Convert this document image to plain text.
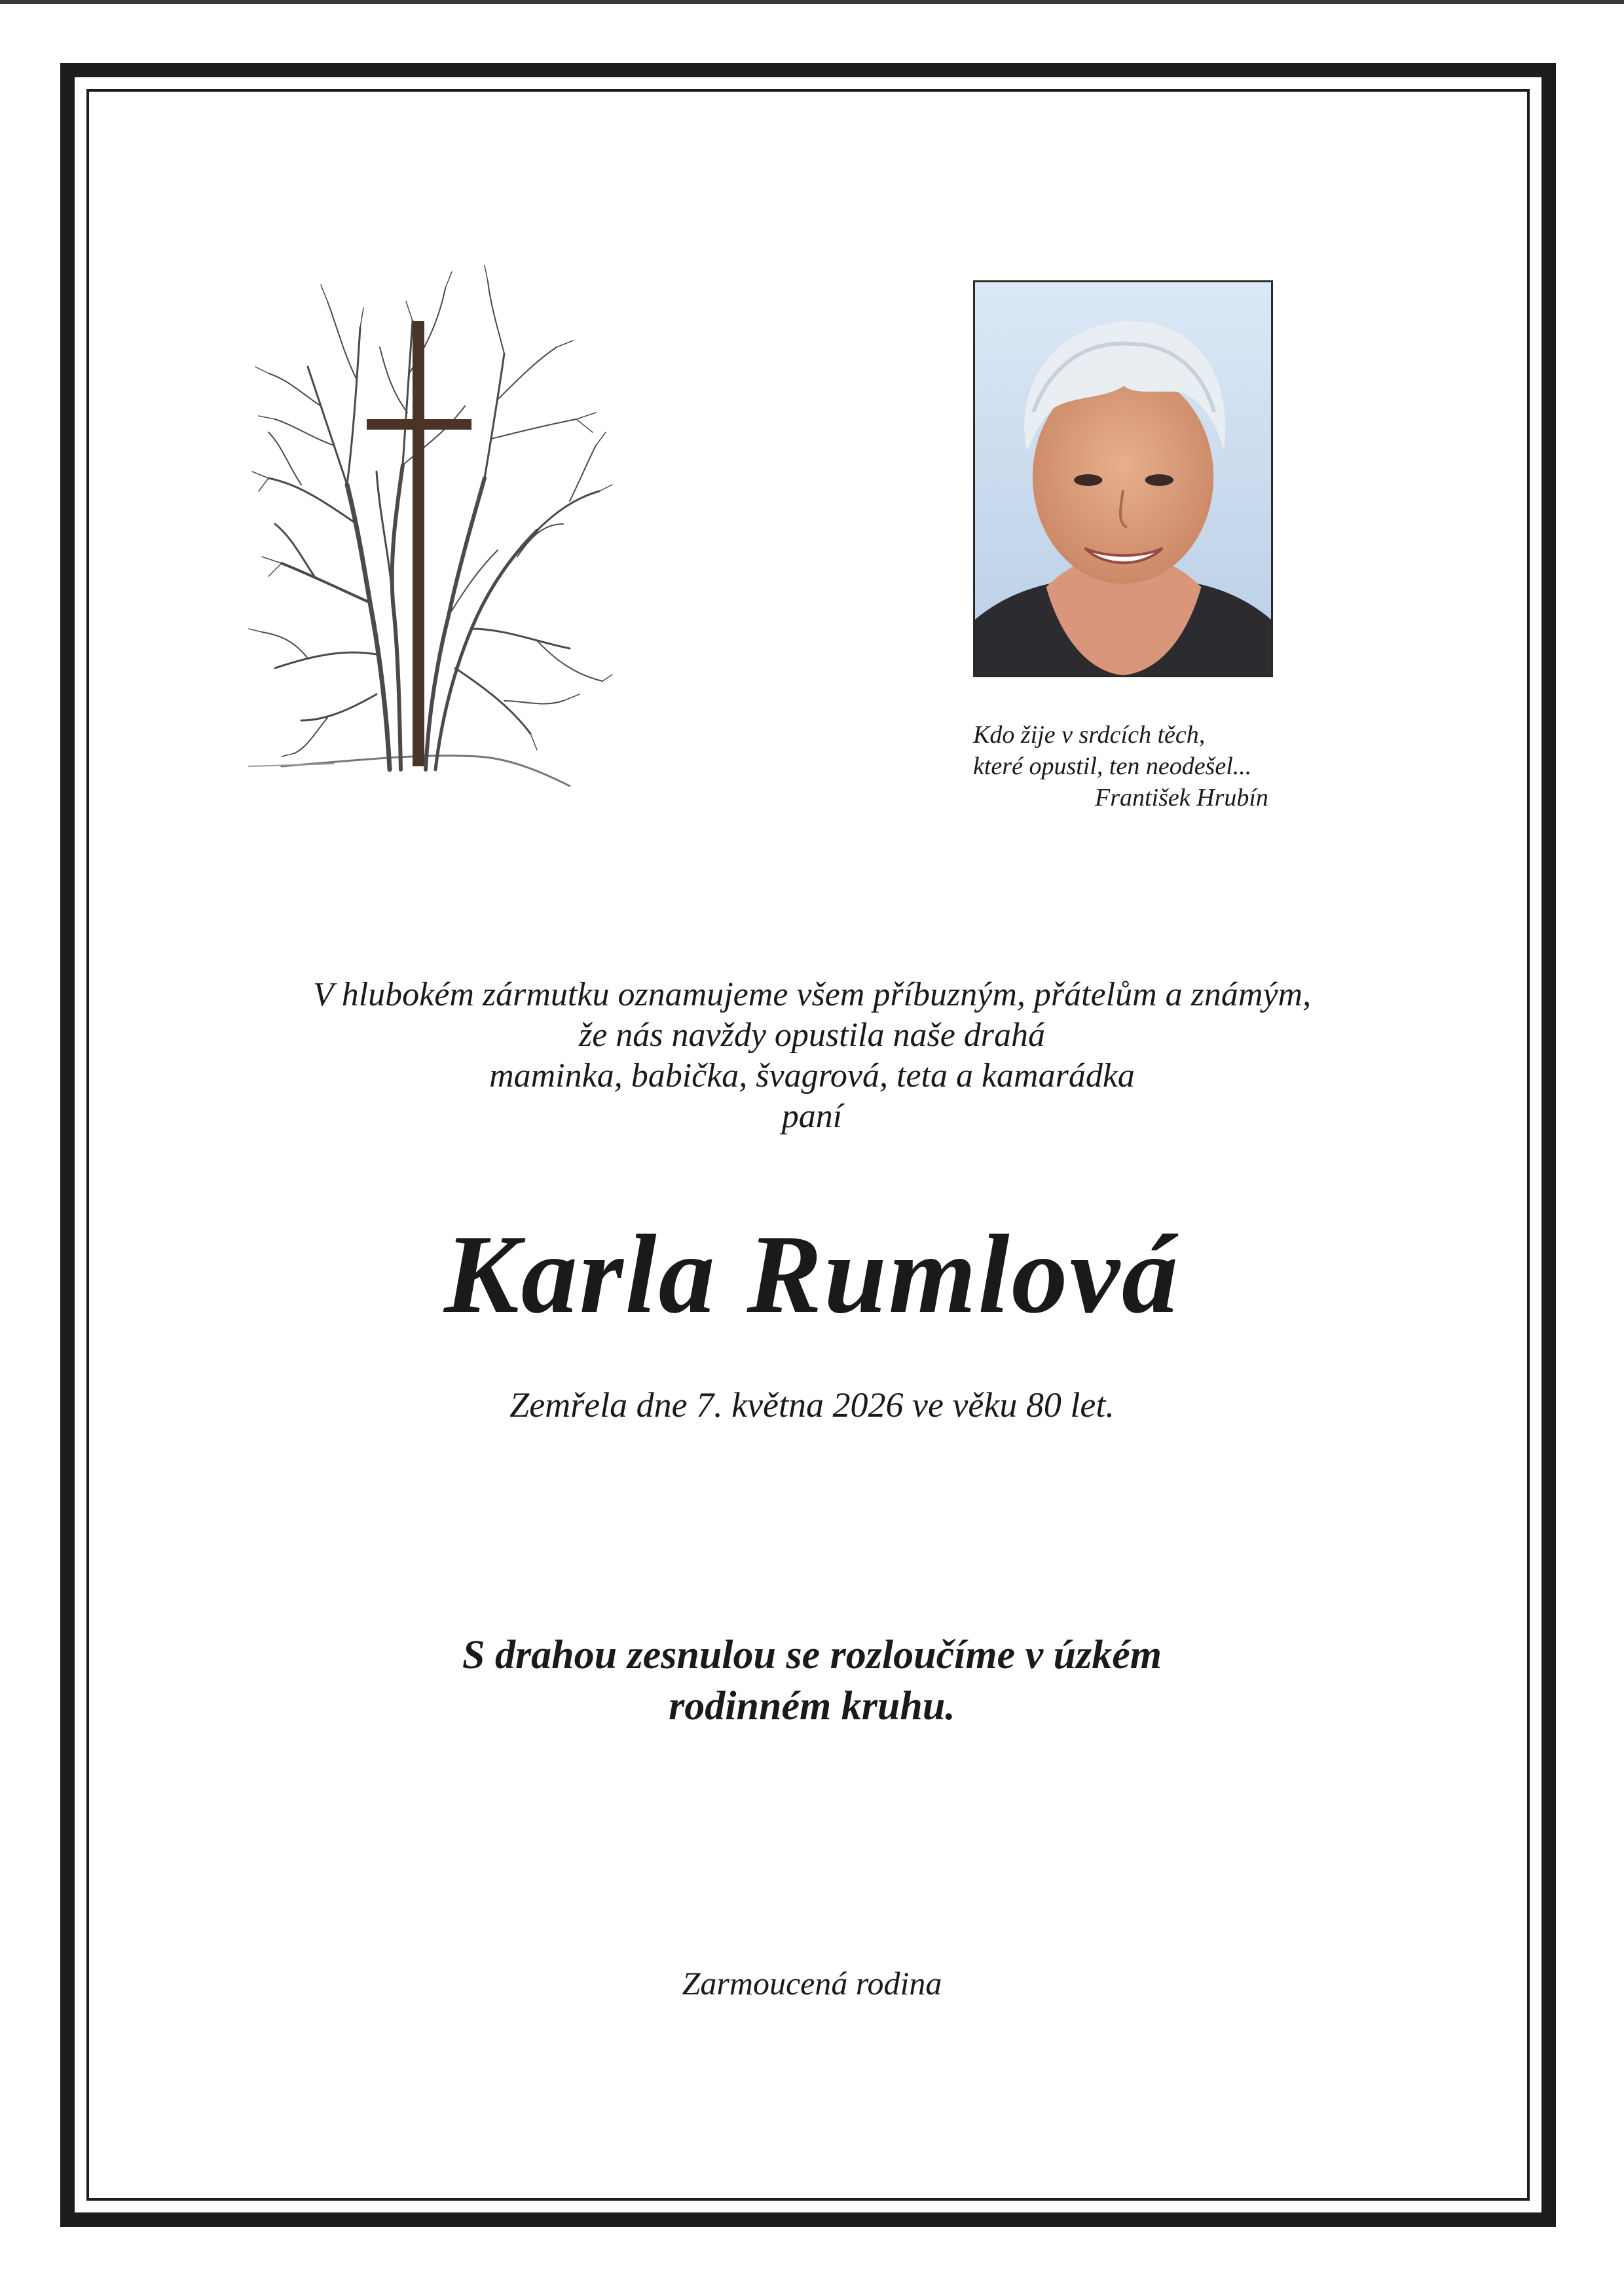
Kdo žije v srdcích těch,
které opustil, ten neodešel...
František Hrubín
V hlubokém zármutku oznamujeme všem příbuzným, přátelům a známým,
že nás navždy opustila naše drahá
maminka, babička, švagrová, teta a kamarádka
paní
Karla Rumlová
Zemřela dne 7. května 2026 ve věku 80 let.
S drahou zesnulou se rozloučíme v úzkém
rodinném kruhu.
Zarmoucená rodina
